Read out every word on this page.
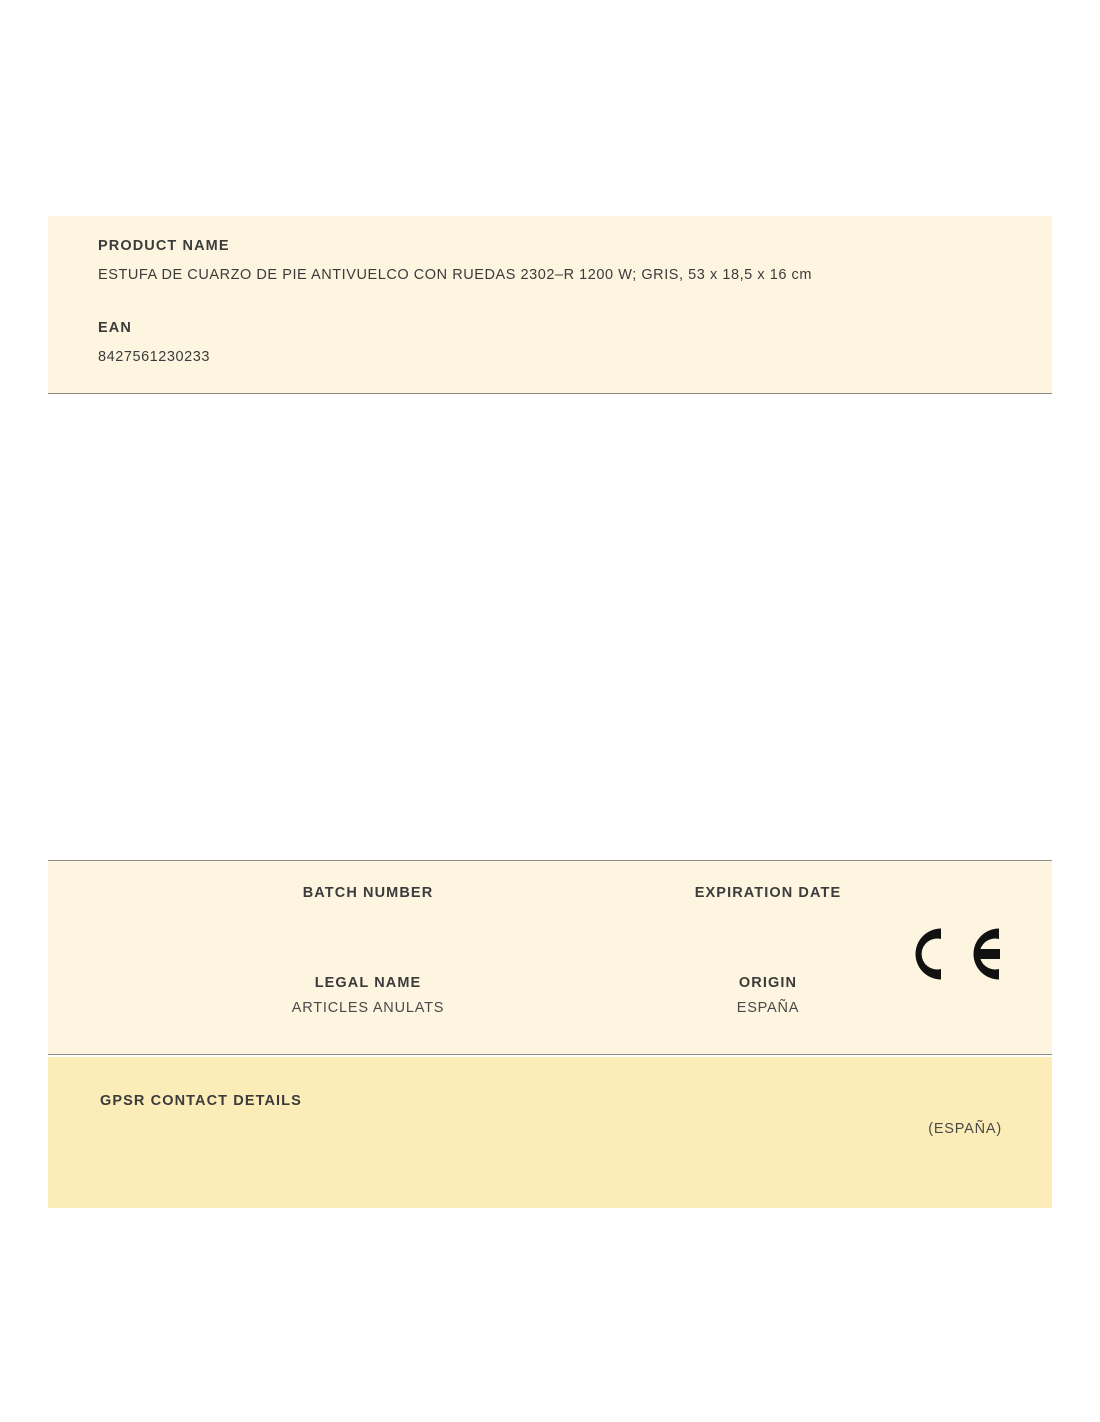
PRODUCT NAME
ESTUFA DE CUARZO DE PIE ANTIVUELCO CON RUEDAS 2302–R 1200 W; GRIS, 53 x 18,5 x 16 cm
EAN
8427561230233
BATCH NUMBER	EXPIRATION DATE
LEGAL NAME
ARTICLES ANULATS
ORIGIN
ESPAÑA
GPSR CONTACT DETAILS
(ESPAÑA)
